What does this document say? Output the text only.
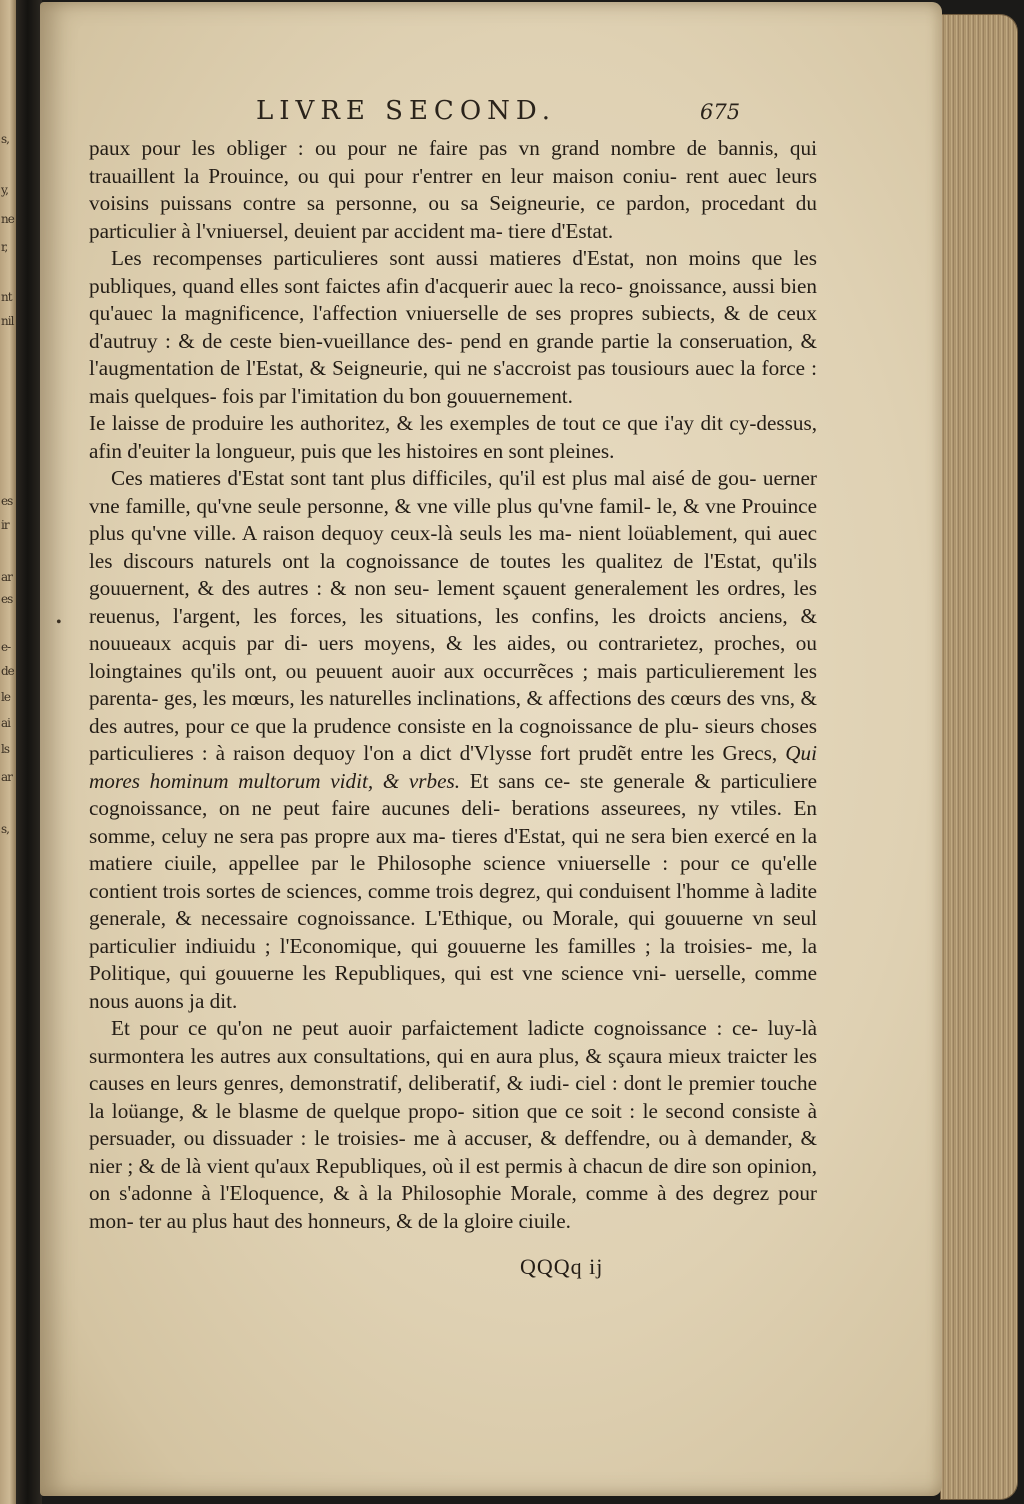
s,
y,
ne
r,
nt
nil
es
ir
ar
es
e-
de
le
ai
ls
ar
s,
LIVRE SECOND.	675
•

paux pour les obliger : ou pour ne faire pas vn grand nombre de bannis, qui trauaillent la Prouince, ou qui pour r'entrer en leur maison coniu- rent auec leurs voisins puissans contre sa personne, ou sa Seigneurie, ce pardon, procedant du particulier à l'vniuersel, deuient par accident ma- tiere d'Estat.

Les recompenses particulieres sont aussi matieres d'Estat, non moins que les publiques, quand elles sont faictes afin d'acquerir auec la reco- gnoissance, aussi bien qu'auec la magnificence, l'affection vniuerselle de ses propres subiects, & de ceux d'autruy : & de ceste bien-vueillance des- pend en grande partie la conseruation, & l'augmentation de l'Estat, & Seigneurie, qui ne s'accroist pas tousiours auec la force : mais quelques- fois par l'imitation du bon gouuernement.

Ie laisse de produire les authoritez, & les exemples de tout ce que i'ay dit cy-dessus, afin d'euiter la longueur, puis que les histoires en sont pleines.

Ces matieres d'Estat sont tant plus difficiles, qu'il est plus mal aisé de gou- uerner vne famille, qu'vne seule personne, & vne ville plus qu'vne famil- le, & vne Prouince plus qu'vne ville. A raison dequoy ceux-là seuls les ma- nient loüablement, qui auec les discours naturels ont la cognoissance de toutes les qualitez de l'Estat, qu'ils gouuernent, & des autres : & non seu- lement sçauent generalement les ordres, les reuenus, l'argent, les forces, les situations, les confins, les droicts anciens, & nouueaux acquis par di- uers moyens, & les aides, ou contrarietez, proches, ou loingtaines qu'ils ont, ou peuuent auoir aux occurrẽces ; mais particulierement les parenta- ges, les mœurs, les naturelles inclinations, & affections des cœurs des vns, & des autres, pour ce que la prudence consiste en la cognoissance de plu- sieurs choses particulieres : à raison dequoy l'on a dict d'Vlysse fort prudẽt entre les Grecs, Qui mores hominum multorum vidit, & vrbes. Et sans ce- ste generale & particuliere cognoissance, on ne peut faire aucunes deli- berations asseurees, ny vtiles. En somme, celuy ne sera pas propre aux ma- tieres d'Estat, qui ne sera bien exercé en la matiere ciuile, appellee par le Philosophe science vniuerselle : pour ce qu'elle contient trois sortes de sciences, comme trois degrez, qui conduisent l'homme à ladite generale, & necessaire cognoissance. L'Ethique, ou Morale, qui gouuerne vn seul particulier indiuidu ; l'Economique, qui gouuerne les familles ; la troisies- me, la Politique, qui gouuerne les Republiques, qui est vne science vni- uerselle, comme nous auons ja dit.

Et pour ce qu'on ne peut auoir parfaictement ladicte cognoissance : ce- luy-là surmontera les autres aux consultations, qui en aura plus, & sçaura mieux traicter les causes en leurs genres, demonstratif, deliberatif, & iudi- ciel : dont le premier touche la loüange, & le blasme de quelque propo- sition que ce soit : le second consiste à persuader, ou dissuader : le troisies- me à accuser, & deffendre, ou à demander, & nier ; & de là vient qu'aux Republiques, où il est permis à chacun de dire son opinion, on s'adonne à l'Eloquence, & à la Philosophie Morale, comme à des degrez pour mon- ter au plus haut des honneurs, & de la gloire ciuile.

QQQq ij
